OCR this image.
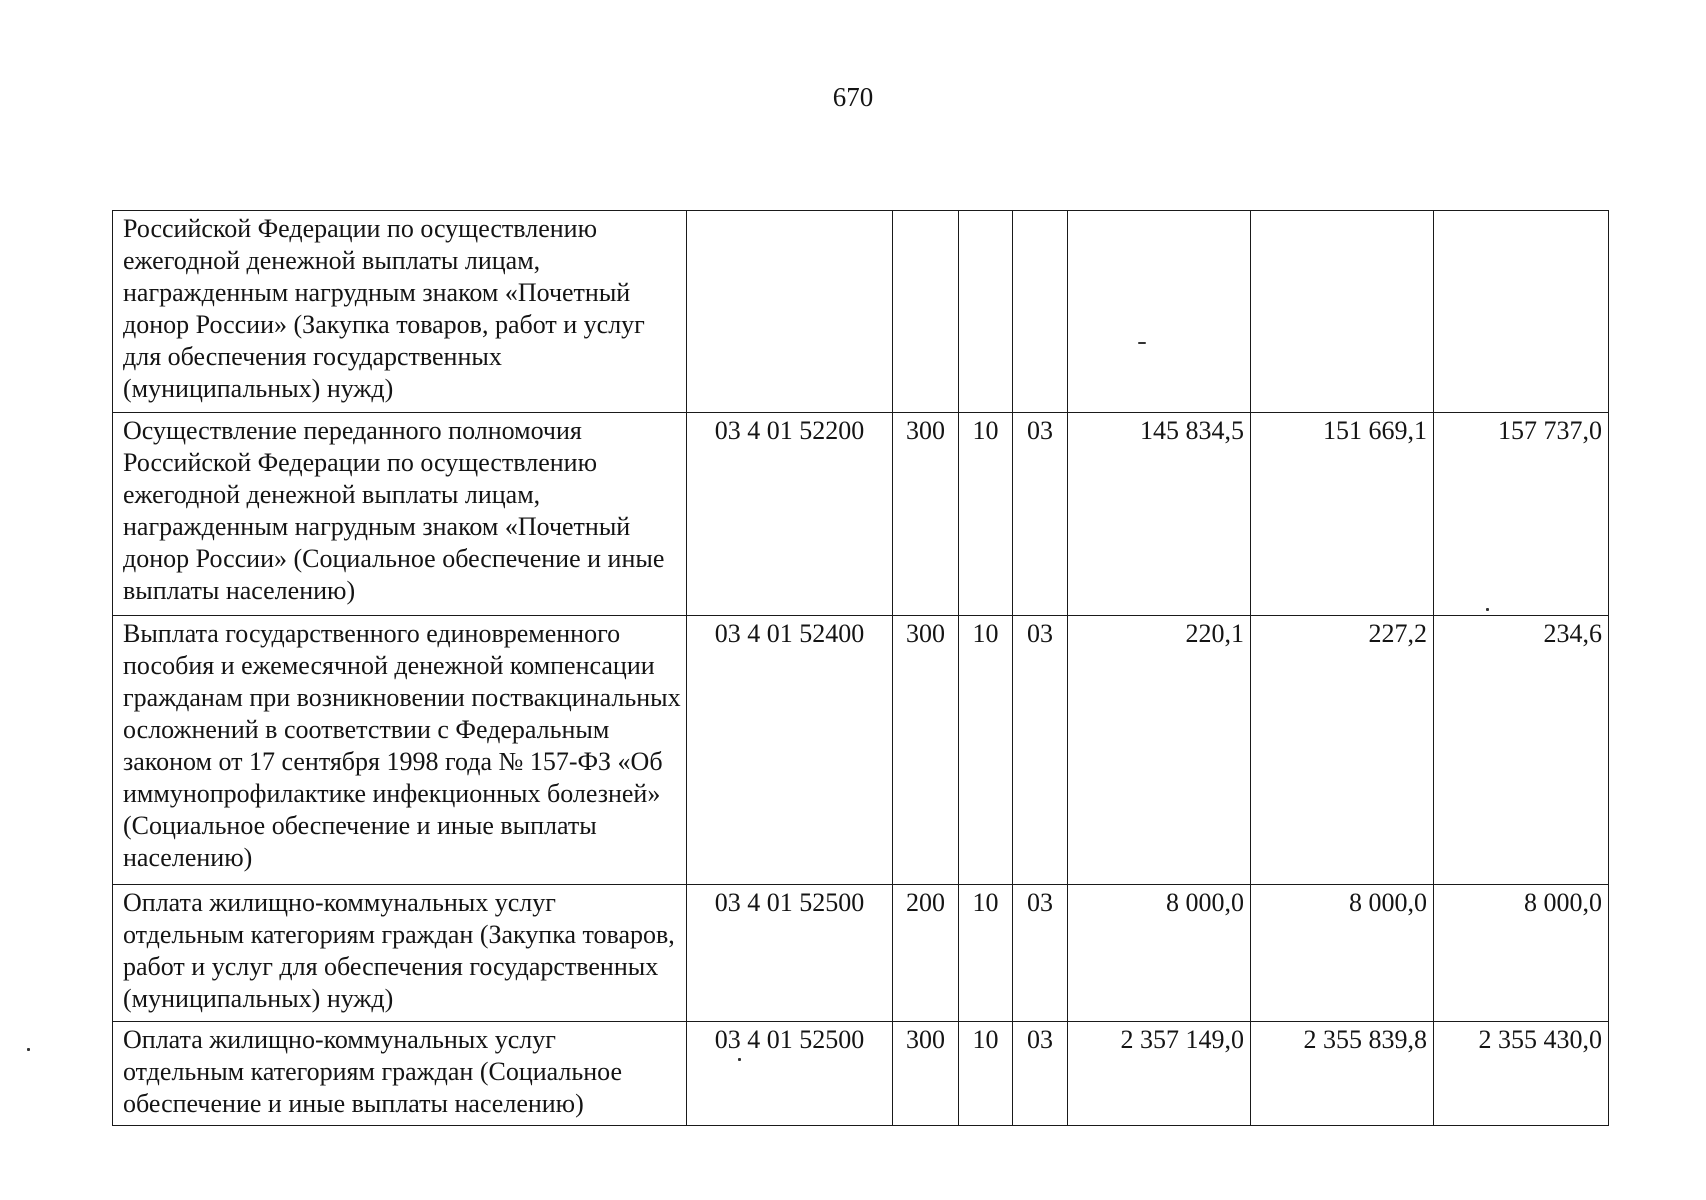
670
Российской Федерации по осуществлению ежегодной денежной выплаты лицам, награжденным нагрудным знаком «Почетный донор России» (Закупка товаров, работ и услуг для обеспечения государственных (муниципальных) нужд)							
Осуществление переданного полномочия Российской Федерации по осуществлению ежегодной денежной выплаты лицам, награжденным нагрудным знаком «Почетный донор России» (Социальное обеспечение и иные выплаты населению)	03 4 01 52200	300	10	03	145 834,5	151 669,1	157 737,0
Выплата государственного единовременного пособия и ежемесячной денежной компенсации гражданам при возникновении поствакцинальных осложнений в соответствии с Федеральным законом от 17 сентября 1998 года № 157-ФЗ «Об иммунопрофилактике инфекционных болезней» (Социальное обеспечение и иные выплаты населению)	03 4 01 52400	300	10	03	220,1	227,2	234,6
Оплата жилищно-коммунальных услуг отдельным категориям граждан (Закупка товаров, работ и услуг для обеспечения государственных (муниципальных) нужд)	03 4 01 52500	200	10	03	8 000,0	8 000,0	8 000,0
Оплата жилищно-коммунальных услуг отдельным категориям граждан (Социальное обеспечение и иные выплаты населению)	03 4 01 52500	300	10	03	2 357 149,0	2 355 839,8	2 355 430,0
